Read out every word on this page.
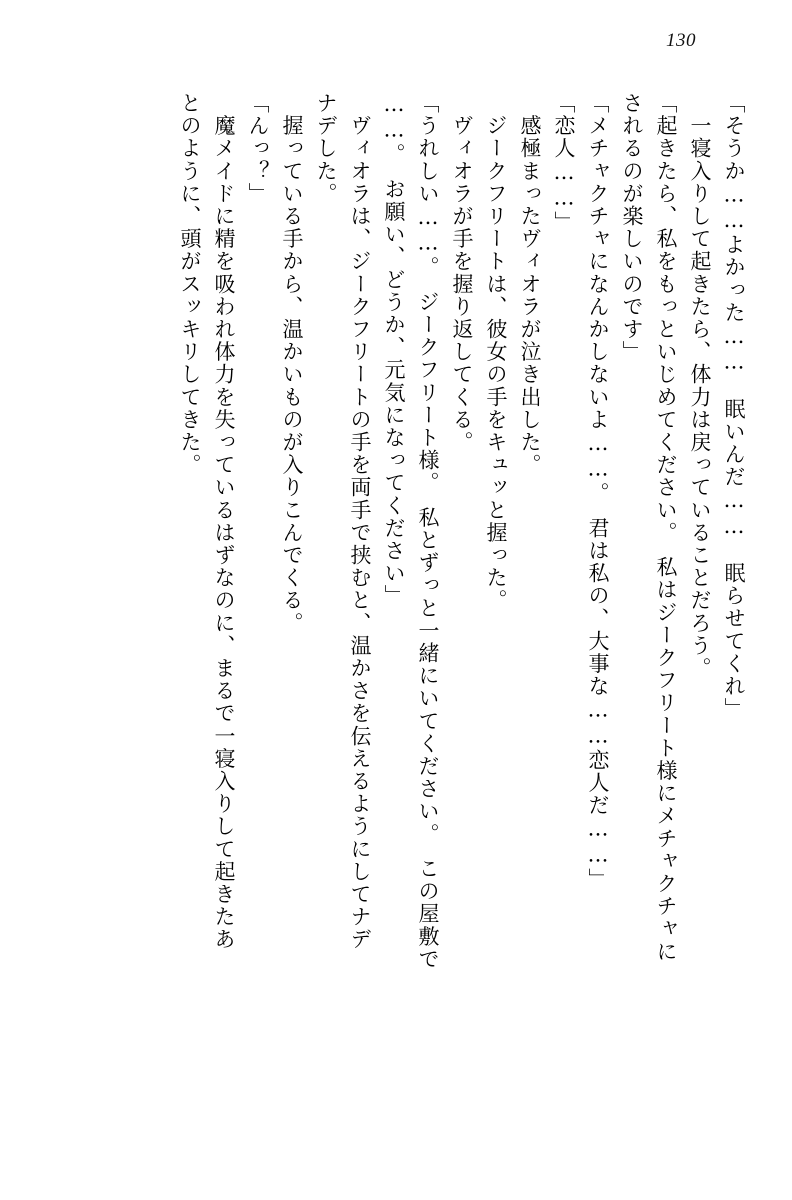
130
「そうか……よかった……　眠いんだ……　眠らせてくれ」
　一寝入りして起きたら、体力は戻っていることだろう。
「起きたら、私をもっといじめてください。　私はジークフリート様にメチャクチャに
されるのが楽しいのです」
「メチャクチャになんかしないよ……。　君は私の、大事な……恋人だ……」
「恋人……」
　感極まったヴィオラが泣き出した。
　ジークフリートは、彼女の手をキュッと握った。
　ヴィオラが手を握り返してくる。
「うれしい……。　ジークフリート様。　私とずっと一緒にいてください。　この屋敷で
……。　お願い、どうか、元気になってください」
　ヴィオラは、ジークフリートの手を両手で挟むと、温かさを伝えるようにしてナデ
ナデした。
　握っている手から、温かいものが入りこんでくる。
「んっ？」
　魔メイドに精を吸われ体力を失っているはずなのに、まるで一寝入りして起きたあ
とのように、頭がスッキリしてきた。
